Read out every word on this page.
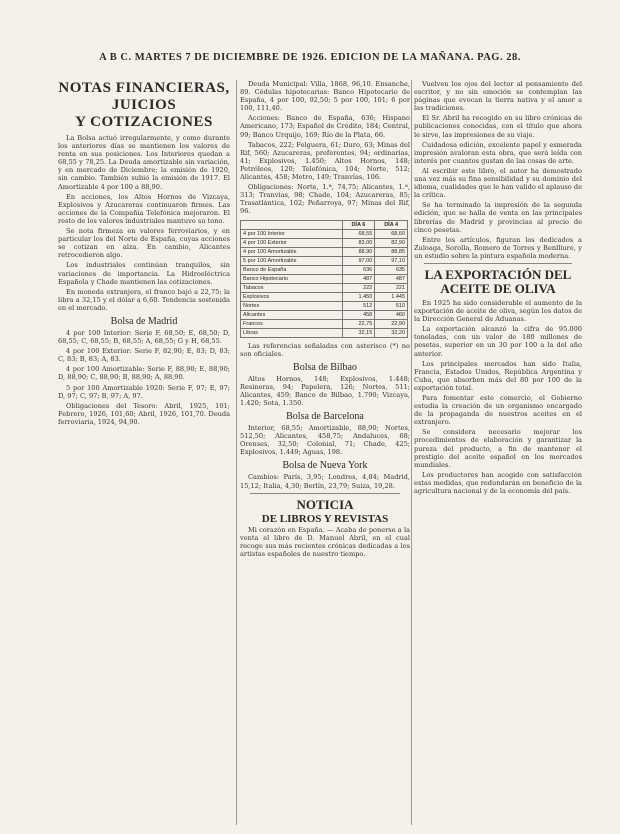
A B C. MARTES 7 DE DICIEMBRE DE 1926. EDICION DE LA MAÑANA. PAG. 28.
NOTAS FINANCIERAS,
JUICIOS
Y COTIZACIONES

La Bolsa actuó irregularmente, y como durante los anteriores días se mantienen los valores de renta en sus posiciones. Los Interiores quedan a 68,55 y 78,25. La Deuda amortizable sin variación, y en mercado de Diciembre; la emisión de 1920, sin cambio. También subió la emisión de 1917. El Amortizable 4 por 100 a 88,90.

En acciones, los Altos Hornos de Vizcaya, Explosivos y Azucareras continuaron firmes. Las acciones de la Compañía Telefónica mejoraron. El resto de los valores industriales mantuvo su tono.

Se nota firmeza en valores ferroviarios, y en particular los del Norte de España, cuyas acciones se cotizan en alza. En cambio, Alicantes retrocedieron algo.

Los industriales continúan tranquilos, sin variaciones de importancia. La Hidroeléctrica Española y Chade mantienen las cotizaciones.

En moneda extranjera, el franco bajó a 22,75; la libra a 32,15 y el dólar a 6,60. Tendencia sostenida en el mercado.

Bolsa de Madrid

4 por 100 Interior: Serie F, 68,50; E, 68,50; D, 68,55; C, 68,55; B, 68,55; A, 68,55; G y H, 68,55.

4 por 100 Exterior: Serie F, 82,90; E, 83; D, 83; C, 83; B, 83; A, 83.

4 por 100 Amortizable: Serie F, 88,90; E, 88,90; D, 88,90; C, 88,90; B, 88,90; A, 88,90.

5 por 100 Amortizable 1920: Serie F, 97; E, 97; D, 97; C, 97; B, 97; A, 97.

Obligaciones del Tesoro: Abril, 1925, 101; Febrero, 1926, 101,60; Abril, 1926, 101,70. Deuda ferroviaria, 1924, 94,90.

Deuda Municipal: Villa, 1868, 96,10. Ensanche, 89. Cédulas hipotecarias: Banco Hipotecario de España, 4 por 100, 92,50; 5 por 100, 101; 6 por 100, 111,40.

Acciones: Banco de España, 636; Hispano Americano, 173; Español de Crédito, 184; Central, 99; Banco Urquijo, 169; Río de la Plata, 66.

Tabacos, 222; Felguera, 61; Duro, 63; Minas del Rif, 560; Azucareras, preferentes, 94; ordinarias, 41; Explosivos, 1.450; Altos Hornos, 148; Petróleos, 120; Telefónica, 104; Norte, 512; Alicantes, 458; Metro, 149; Tranvías, 106.

Obligaciones: Norte, 1.ª, 74,75; Alicantes, 1.ª, 313; Tranvías, 98; Chade, 104; Azucareras, 85; Trasatlántica, 102; Peñarroya, 97; Minas del Rif, 96.

	DÍA 6	DÍA 4
4 por 100 Interior	68,55	68,60
4 por 100 Exterior	83,00	82,90
4 por 100 Amortizable	88,90	88,85
5 por 100 Amortizable	97,00	97,10
Banco de España	636	635
Banco Hipotecario	487	487
Tabacos	222	221
Explosivos	1.450	1.445
Nortes	512	510
Alicantes	458	460
Francos	22,75	22,90
Libras	32,15	32,20

Las referencias señaladas con asterisco (*) no son oficiales.

Bolsa de Bilbao

Altos Hornos, 148; Explosivos, 1.448; Resineras, 94; Papelera, 126; Nortes, 511; Alicantes, 459; Banco de Bilbao, 1.790; Vizcaya, 1.420; Sota, 1.350.

Bolsa de Barcelona

Interior, 68,55; Amortizable, 88,90; Nortes, 512,50; Alicantes, 458,75; Andaluces, 68; Orenses, 32,50; Colonial, 71; Chade, 425; Explosivos, 1.449; Aguas, 198.

Bolsa de Nueva York

Cambios: París, 3,95; Londres, 4,84; Madrid, 15,12; Italia, 4,30; Berlín, 23,79; Suiza, 19,28.

NOTICIA
DE LIBROS Y REVISTAS

Mi corazón en España. — Acaba de ponerse a la venta el libro de D. Manuel Abril, en el cual recoge sus más recientes crónicas dedicadas a los artistas españoles de nuestro tiempo.

Vuelven los ojos del lector al pensamiento del escritor, y no sin emoción se contemplan las páginas que evocan la tierra nativa y el amor a las tradiciones.

El Sr. Abril ha recogido en su libro crónicas de publicaciones conocidas, con el título que ahora le sirve, las impresiones de su viaje.

Cuidadosa edición, excelente papel y esmerada impresión avaloran esta obra, que será leída con interés por cuantos gustan de las cosas de arte.

Al escribir este libro, el autor ha demostrado una vez más su fina sensibilidad y su dominio del idioma, cualidades que le han valido el aplauso de la crítica.

Se ha terminado la impresión de la segunda edición, que se halla de venta en las principales librerías de Madrid y provincias al precio de cinco pesetas.

Entre los artículos, figuran los dedicados a Zuloaga, Sorolla, Romero de Torres y Benlliure, y un estudio sobre la pintura española moderna.

LA EXPORTACIÓN DEL
ACEITE DE OLIVA

En 1925 ha sido considerable el aumento de la exportación de aceite de oliva, según los datos de la Dirección General de Aduanas.

La exportación alcanzó la cifra de 95.000 toneladas, con un valor de 180 millones de pesetas, superior en un 30 por 100 a la del año anterior.

Los principales mercados han sido Italia, Francia, Estados Unidos, República Argentina y Cuba, que absorben más del 80 por 100 de la exportación total.

Para fomentar este comercio, el Gobierno estudia la creación de un organismo encargado de la propaganda de nuestros aceites en el extranjero.

Se considera necesario mejorar los procedimientos de elaboración y garantizar la pureza del producto, a fin de mantener el prestigio del aceite español en los mercados mundiales.

Los productores han acogido con satisfacción estas medidas, que redundarán en beneficio de la agricultura nacional y de la economía del país.
